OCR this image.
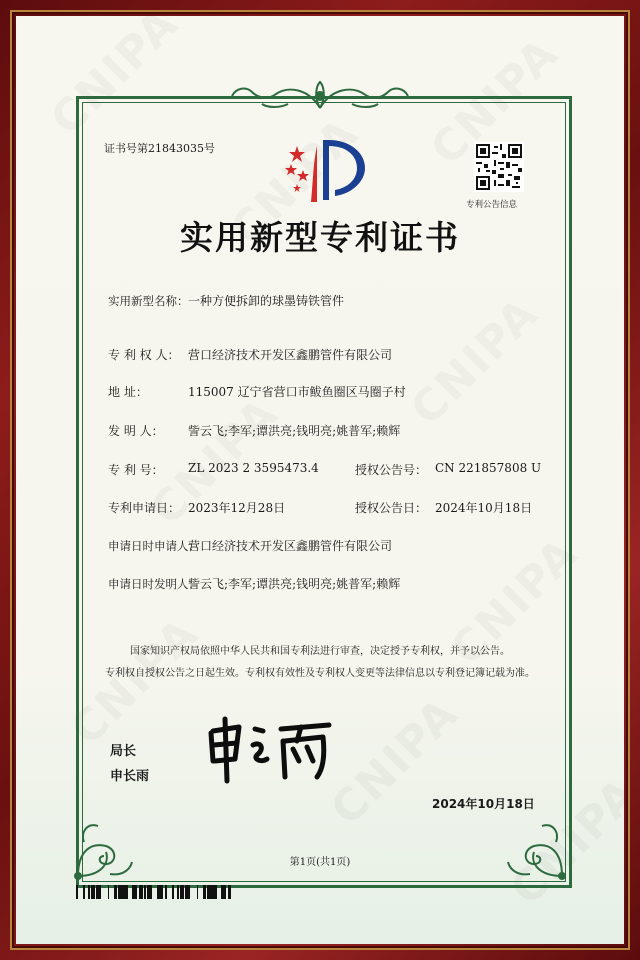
证书号第21843035号
专利公告信息
实用新型专利证书
实用新型名称： 一种方便拆卸的球墨铸铁管件
专 利 权 人： 营口经济技术开发区鑫鹏管件有限公司
地 址：	115007 辽宁省营口市鲅鱼圈区马圈子村
发 明 人： 訾云飞;李军;谭洪亮;钱明亮;姚普军;赖辉
专 利 号： ZL 2023 2 3595473.4	授权公告号： CN 221857808 U
专利申请日： 2023年12月28日	授权公告日： 2024年10月18日
申请日时申请人：
营口经济技术开发区鑫鹏管件有限公司
申请日时发明人：
訾云飞;李军;谭洪亮;钱明亮;姚普军;赖辉
国家知识产权局依照中华人民共和国专利法进行审查，决定授予专利权，并予以公告。
专利权自授权公告之日起生效。专利权有效性及专利权人变更等法律信息以专利登记簿记载为准。
局长
申长雨
2024年10月18日
第1页(共1页)
